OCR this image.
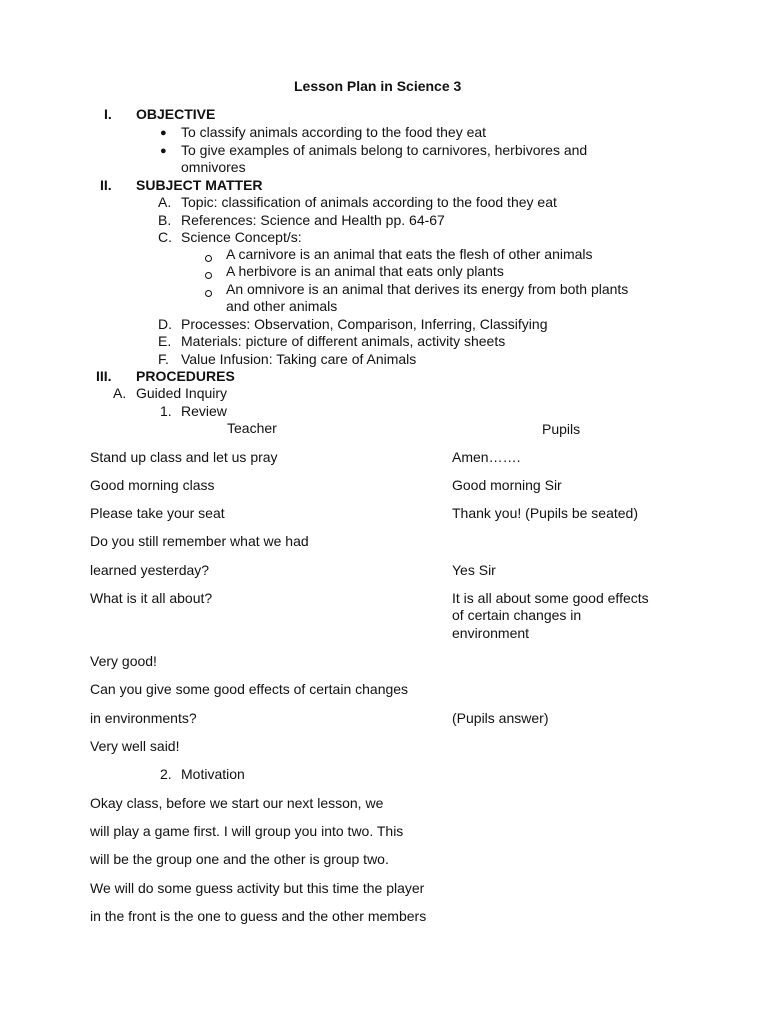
Lesson Plan in Science 3
I. OBJECTIVE
● To classify animals according to the food they eat
● To give examples of animals belong to carnivores, herbivores and
omnivores
II. SUBJECT MATTER
A. Topic: classification of animals according to the food they eat
B. References: Science and Health pp. 64-67
C. Science Concept/s:
A carnivore is an animal that eats the flesh of other animals
A herbivore is an animal that eats only plants
An omnivore is an animal that derives its energy from both plants
and other animals
D. Processes: Observation, Comparison, Inferring, Classifying
E. Materials: picture of different animals, activity sheets
F. Value Infusion: Taking care of Animals
III. PROCEDURES
A. Guided Inquiry
1. Review
Teacher	Pupils
Stand up class and let us pray	Amen…….
Good morning class	Good morning Sir
Please take your seat	Thank you! (Pupils be seated)
Do you still remember what we had
learned yesterday?	Yes Sir
What is it all about?	It is all about some good effects
of certain changes in
environment
Very good!
Can you give some good effects of certain changes
in environments?	(Pupils answer)
Very well said!
2. Motivation
Okay class, before we start our next lesson, we
will play a game first. I will group you into two. This
will be the group one and the other is group two.
We will do some guess activity but this time the player
in the front is the one to guess and the other members
